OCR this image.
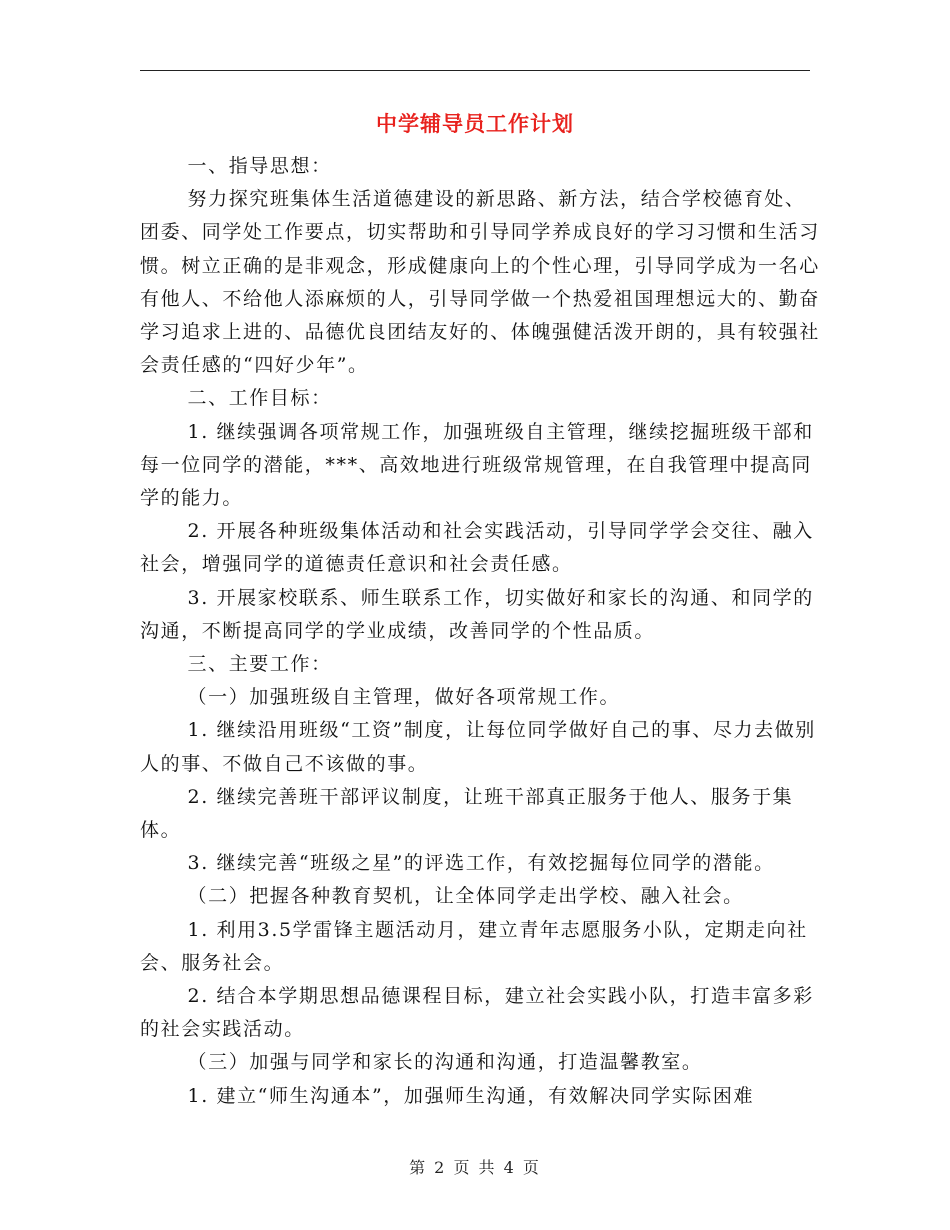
中学辅导员工作计划

一、指导思想：

努力探究班集体生活道德建设的新思路、新方法，结合学校德育处、团委、同学处工作要点，切实帮助和引导同学养成良好的学习习惯和生活习惯。树立正确的是非观念，形成健康向上的个性心理，引导同学成为一名心有他人、不给他人添麻烦的人，引导同学做一个热爱祖国理想远大的、勤奋学习追求上进的、品德优良团结友好的、体魄强健活泼开朗的，具有较强社会责任感的“四好少年”。

二、工作目标：

1. 继续强调各项常规工作，加强班级自主管理，继续挖掘班级干部和每一位同学的潜能，***、高效地进行班级常规管理，在自我管理中提高同学的能力。

2. 开展各种班级集体活动和社会实践活动，引导同学学会交往、融入社会，增强同学的道德责任意识和社会责任感。

3. 开展家校联系、师生联系工作，切实做好和家长的沟通、和同学的沟通，不断提高同学的学业成绩，改善同学的个性品质。

三、主要工作：

（一）加强班级自主管理，做好各项常规工作。

1. 继续沿用班级“工资”制度，让每位同学做好自己的事、尽力去做别人的事、不做自己不该做的事。

2. 继续完善班干部评议制度，让班干部真正服务于他人、服务于集体。

3. 继续完善“班级之星”的评选工作，有效挖掘每位同学的潜能。

（二）把握各种教育契机，让全体同学走出学校、融入社会。

1. 利用3.5学雷锋主题活动月，建立青年志愿服务小队，定期走向社会、服务社会。

2. 结合本学期思想品德课程目标，建立社会实践小队，打造丰富多彩的社会实践活动。

（三）加强与同学和家长的沟通和沟通，打造温馨教室。

1. 建立“师生沟通本”，加强师生沟通，有效解决同学实际困难

第 2 页 共 4 页
